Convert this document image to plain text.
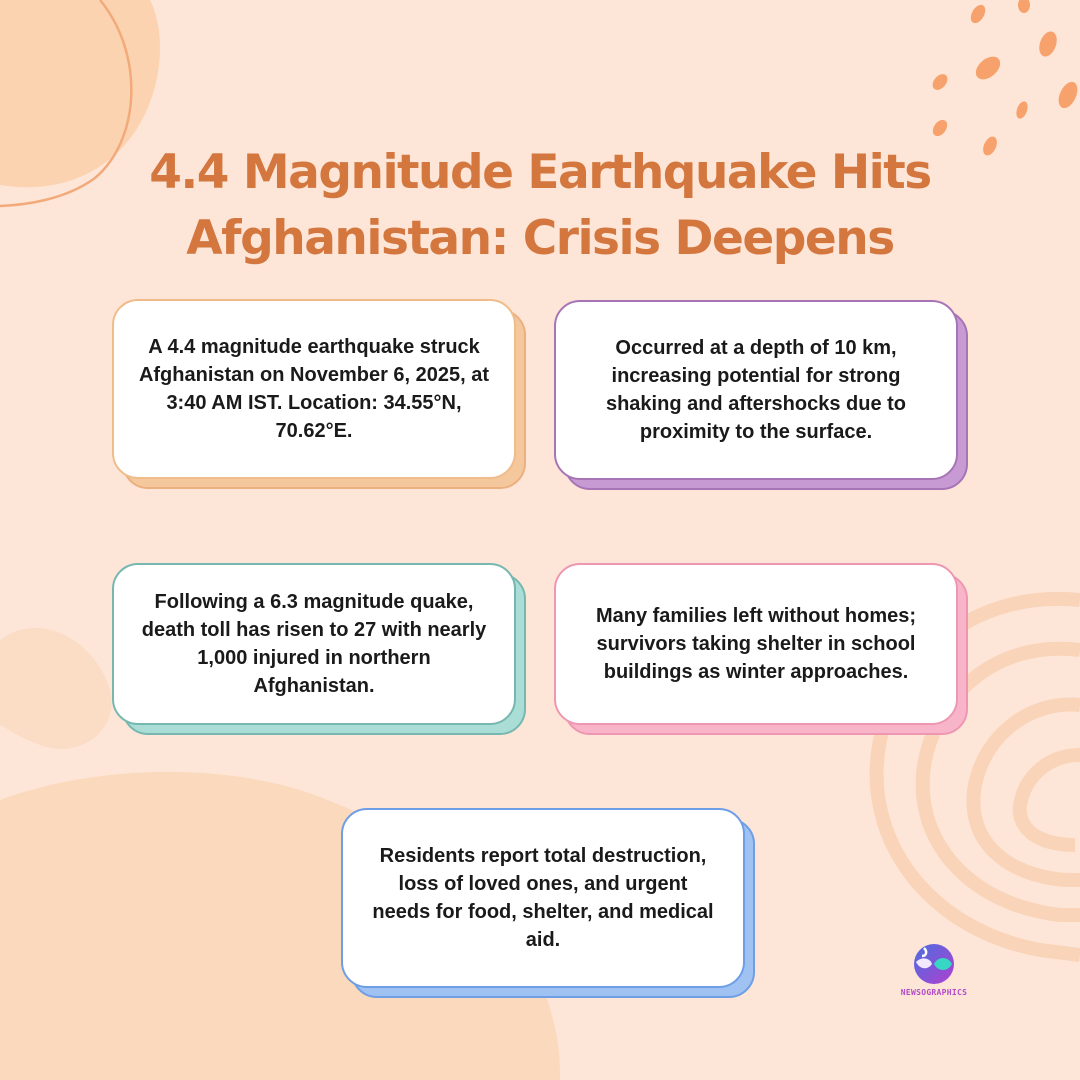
4.4 Magnitude Earthquake Hits
Afghanistan: Crisis Deepens

A 4.4 magnitude earthquake struck Afghanistan on November 6, 2025, at 3:40 AM IST. Location: 34.55°N, 70.62°E.

Occurred at a depth of 10 km, increasing potential for strong shaking and aftershocks due to proximity to the surface.

Following a 6.3 magnitude quake, death toll has risen to 27 with nearly 1,000 injured in northern Afghanistan.

Many families left without homes; survivors taking shelter in school buildings as winter approaches.

Residents report total destruction, loss of loved ones, and urgent needs for food, shelter, and medical aid.

NEWSOGRAPHICS
